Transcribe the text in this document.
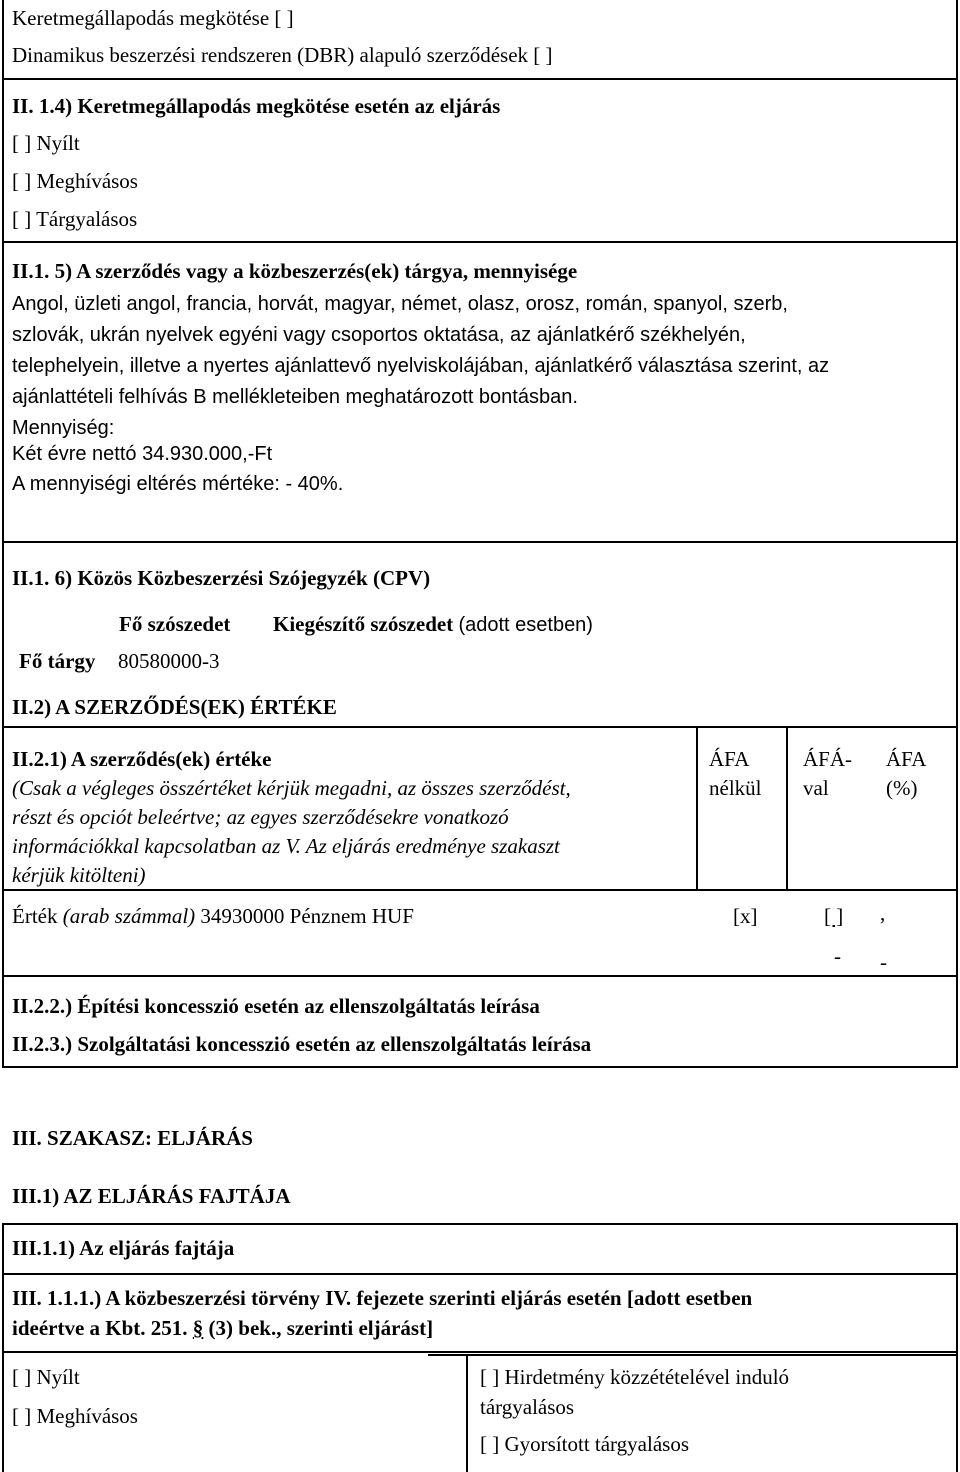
Keretmegállapodás megkötése [ ]
Dinamikus beszerzési rendszeren (DBR) alapuló szerződések [ ]
II. 1.4) Keretmegállapodás megkötése esetén az eljárás
[ ] Nyílt
[ ] Meghívásos
[ ] Tárgyalásos
II.1. 5) A szerződés vagy a közbeszerzés(ek) tárgya, mennyisége
Angol, üzleti angol, francia, horvát, magyar, német, olasz, orosz, román, spanyol, szerb,
szlovák, ukrán nyelvek egyéni vagy csoportos oktatása, az ajánlatkérő székhelyén,
telephelyein, illetve a nyertes ajánlattevő nyelviskolájában, ajánlatkérő választása szerint, az
ajánlattételi felhívás B mellékleteiben meghatározott bontásban.
Mennyiség:
Két évre nettó 34.930.000,-Ft
A mennyiségi eltérés mértéke: - 40%.
II.1. 6) Közös Közbeszerzési Szójegyzék (CPV)
Fő szószedet Kiegészítő szószedet (adott esetben)
Fő tárgy 80580000-3
II.2) A SZERZŐDÉS(EK) ÉRTÉKE
II.2.1) A szerződés(ek) értéke
(Csak a végleges összértéket kérjük megadni, az összes szerződést,
részt és opciót beleértve; az egyes szerződésekre vonatkozó
információkkal kapcsolatban az V. Az eljárás eredménye szakaszt
kérjük kitölteni)
ÁFA
nélkül
ÁFÁ-
val
ÁFA
(%)
Érték (arab számmal) 34930000 Pénznem HUF	[x]	[ ] ,
- -
II.2.2.) Építési koncesszió esetén az ellenszolgáltatás leírása
II.2.3.) Szolgáltatási koncesszió esetén az ellenszolgáltatás leírása
III. SZAKASZ: ELJÁRÁS
III.1) AZ ELJÁRÁS FAJTÁJA
III.1.1) Az eljárás fajtája
III. 1.1.1.) A közbeszerzési törvény IV. fejezete szerinti eljárás esetén [adott esetben
ideértve a Kbt. 251. § (3) bek., szerinti eljárást]
[ ] Nyílt
[ ] Meghívásos
[ ] Hirdetmény közzétételével induló
tárgyalásos
[ ] Gyorsított tárgyalásos
